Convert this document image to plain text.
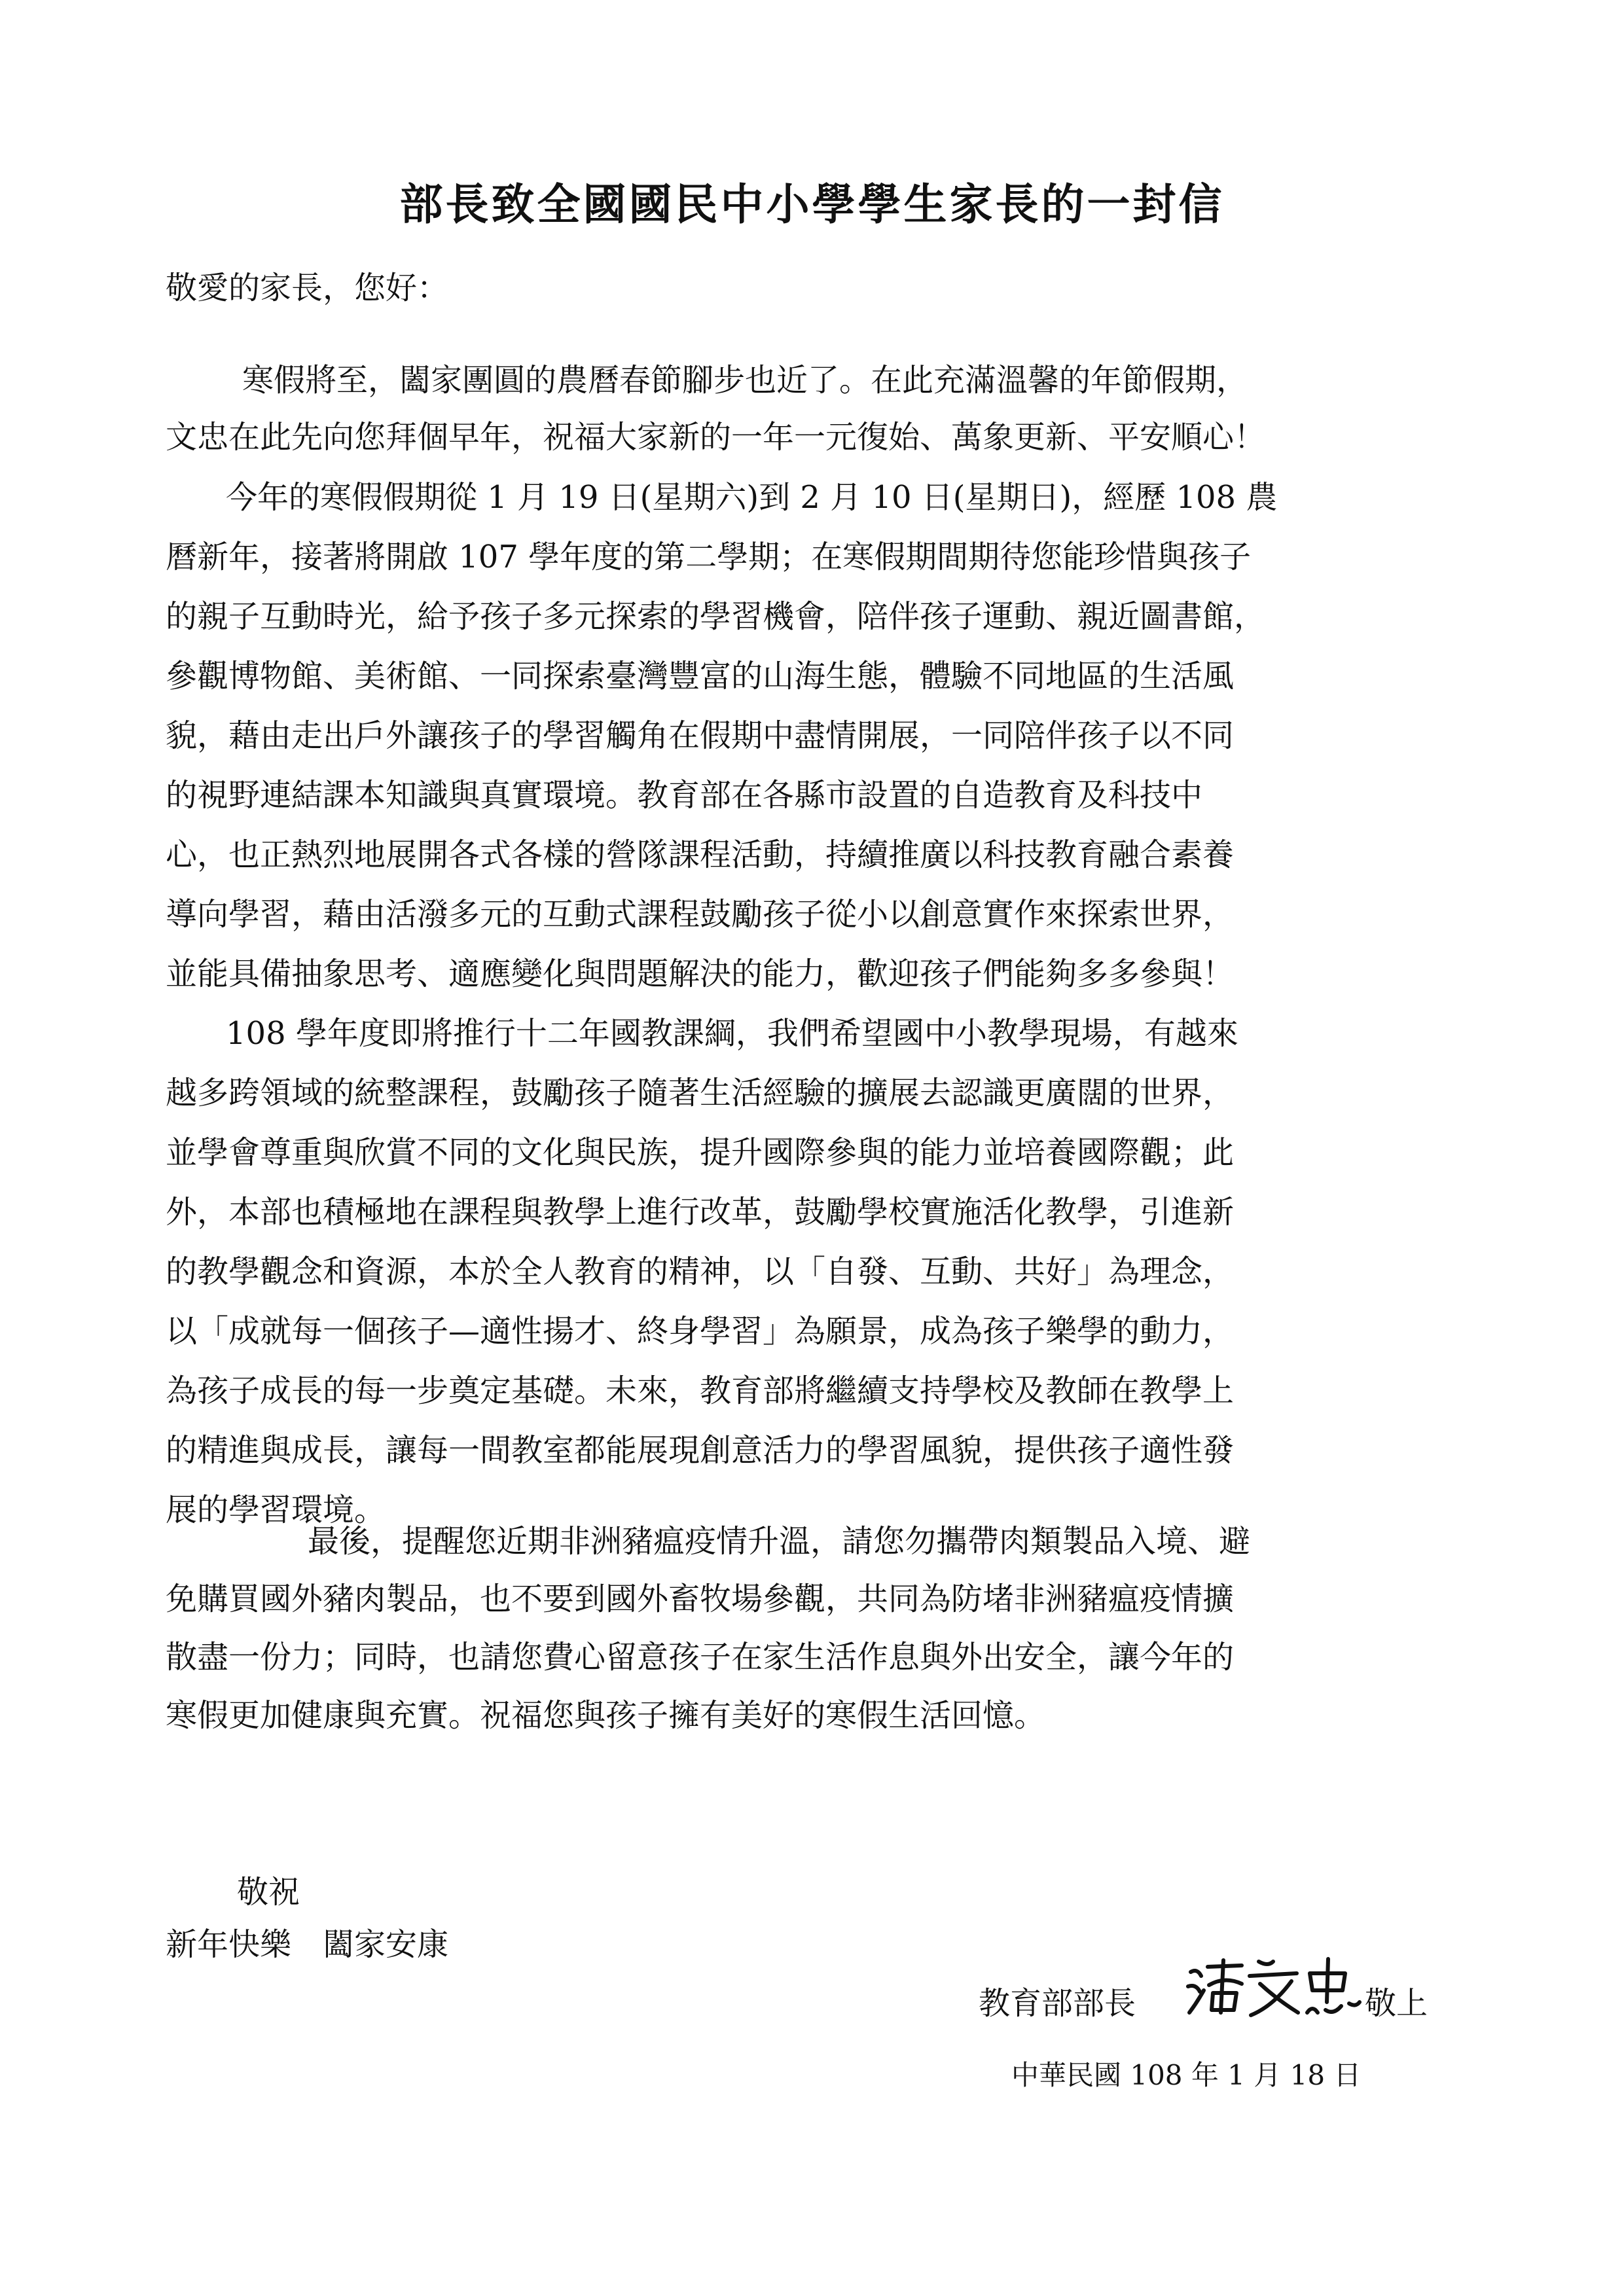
部長致全國國民中小學學生家長的一封信
敬愛的家長，您好：
寒假將至，闔家團圓的農曆春節腳步也近了。在此充滿溫馨的年節假期，
文忠在此先向您拜個早年，祝福大家新的一年一元復始、萬象更新、平安順心！
今年的寒假假期從 1 月 19 日(星期六)到 2 月 10 日(星期日)，經歷 108 農
曆新年，接著將開啟 107 學年度的第二學期；在寒假期間期待您能珍惜與孩子
的親子互動時光，給予孩子多元探索的學習機會，陪伴孩子運動、親近圖書館，
參觀博物館、美術館、一同探索臺灣豐富的山海生態，體驗不同地區的生活風
貌，藉由走出戶外讓孩子的學習觸角在假期中盡情開展，一同陪伴孩子以不同
的視野連結課本知識與真實環境。教育部在各縣市設置的自造教育及科技中
心，也正熱烈地展開各式各樣的營隊課程活動，持續推廣以科技教育融合素養
導向學習，藉由活潑多元的互動式課程鼓勵孩子從小以創意實作來探索世界，
並能具備抽象思考、適應變化與問題解決的能力，歡迎孩子們能夠多多參與！
108 學年度即將推行十二年國教課綱，我們希望國中小教學現場，有越來
越多跨領域的統整課程，鼓勵孩子隨著生活經驗的擴展去認識更廣闊的世界，
並學會尊重與欣賞不同的文化與民族，提升國際參與的能力並培養國際觀；此
外，本部也積極地在課程與教學上進行改革，鼓勵學校實施活化教學，引進新
的教學觀念和資源，本於全人教育的精神，以「自發、互動、共好」為理念，
以「成就每一個孩子—適性揚才、終身學習」為願景，成為孩子樂學的動力，
為孩子成長的每一步奠定基礎。未來，教育部將繼續支持學校及教師在教學上
的精進與成長，讓每一間教室都能展現創意活力的學習風貌，提供孩子適性發
展的學習環境。
最後，提醒您近期非洲豬瘟疫情升溫，請您勿攜帶肉類製品入境、避
免購買國外豬肉製品，也不要到國外畜牧場參觀，共同為防堵非洲豬瘟疫情擴
散盡一份力；同時，也請您費心留意孩子在家生活作息與外出安全，讓今年的
寒假更加健康與充實。祝福您與孩子擁有美好的寒假生活回憶。
敬祝
新年快樂　闔家安康
教育部部長	敬上
中華民國 108 年 1 月 18 日
